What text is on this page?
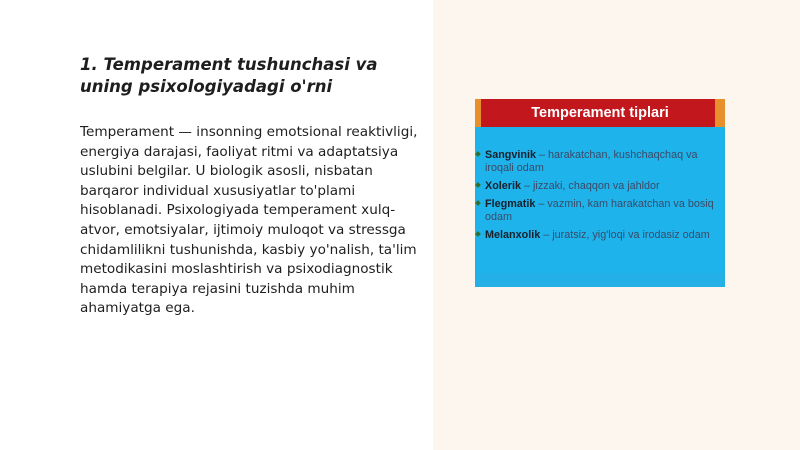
1. Temperament tushunchasi va uning psixologiyadagi o'rni

Temperament — insonning emotsional reaktivligi, energiya darajasi, faoliyat ritmi va adaptatsiya uslubini belgilar. U biologik asosli, nisbatan barqaror individual xususiyatlar to'plami hisoblanadi. Psixologiyada temperament xulq-atvor, emotsiyalar, ijtimoiy muloqot va stressga chidamlilikni tushunishda, kasbiy yo'nalish, ta'lim metodikasini moslashtirish va psixodiagnostik hamda terapiya rejasini tuzishda muhim ahamiyatga ega.

Temperament tiplari
Sangvinik – harakatchan, kushchaqchaq va iroqali odam
Xolerik – jizzaki, chaqqon va jahldor
Flegmatik – vazmin, kam harakatchan va bosiq odam
Melanxolik – juratsiz, yig'loqi va irodasiz odam
